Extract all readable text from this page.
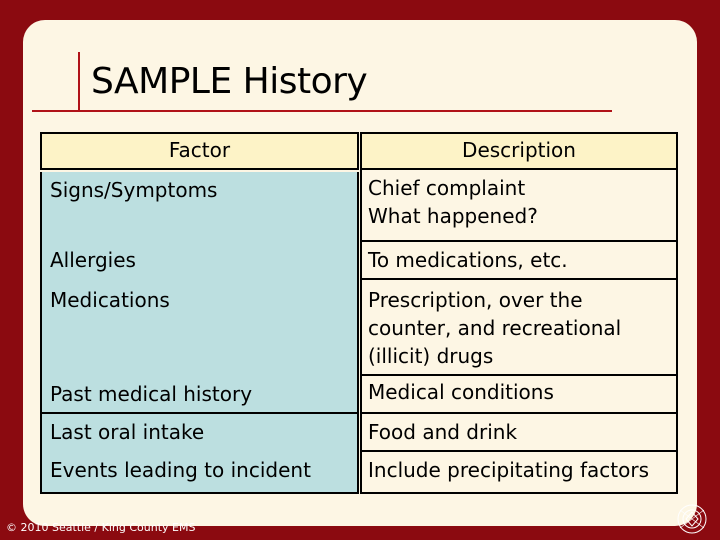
SAMPLE History
Factor	Description
Signs/Symptoms	Chief complaint
What happened?
Allergies	To medications, etc.
Medications	Prescription, over the
counter, and recreational
(illicit) drugs
Past medical history	Medical conditions
Last oral intake	Food and drink
Events leading to incident	Include precipitating factors
© 2010 Seattle / King County EMS
